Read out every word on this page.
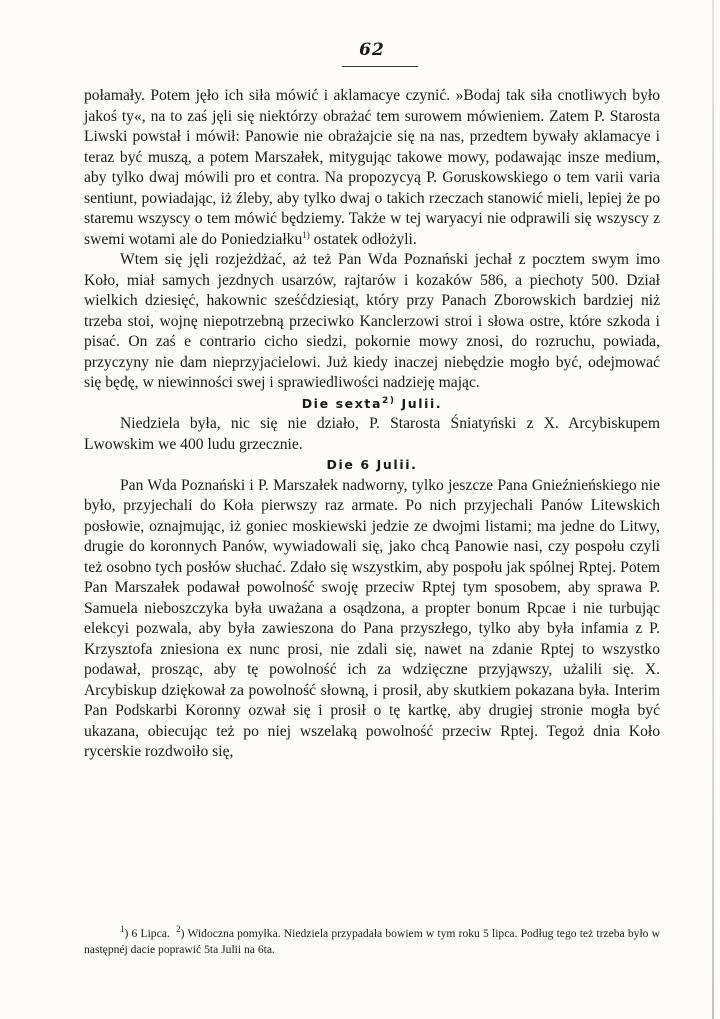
62

połamały. Potem jęło ich siła mówić i aklamacye czynić. »Bodaj tak siła cnotliwych było jakoś ty«, na to zaś jęli się niektórzy obrażać tem surowem mówieniem. Zatem P. Starosta Liwski powstał i mówił: Panowie nie obrażajcie się na nas, przedtem bywały aklamacye i teraz być muszą, a potem Marszałek, mitygując takowe mowy, podawając insze medium, aby tylko dwaj mówili pro et contra. Na propozycyą P. Goruskowskiego o tem varii varia sentiunt, powiadając, iż źleby, aby tylko dwaj o takich rzeczach stanowić mieli, lepiej że po staremu wszyscy o tem mówić będziemy. Także w tej waryacyi nie odprawili się wszyscy z swemi wotami ale do Poniedziałku$^{1)}$ ostatek odłożyli.

Wtem się jęli rozjeżdżać, aż też Pan Wda Poznański jechał z pocztem swym imo Koło, miał samych jezdnych usarzów, rajtarów i kozaków 586, a piechoty 500. Dział wielkich dziesięć, hakownic sześćdziesiąt, który przy Panach Zborowskich bardziej niż trzeba stoi, wojnę niepotrzebną przeciwko Kanclerzowi stroi i słowa ostre, które szkoda i pisać. On zaś e contrario cicho siedzi, pokornie mowy znosi, do rozruchu, powiada, przyczyny nie dam nieprzyjacielowi. Już kiedy inaczej niebędzie mogło być, odejmować się będę, w niewinności swej i sprawiedliwości nadzieję mając.

Die sexta$^{2)}$ Julii.

Niedziela była, nic się nie działo, P. Starosta Śniatyński z X. Arcybiskupem Lwowskim we 400 ludu grzecznie.

Die 6 Julii.

Pan Wda Poznański i P. Marszałek nadworny, tylko jeszcze Pana Gnieźnieńskiego nie było, przyjechali do Koła pierwszy raz armate. Po nich przyjechali Panów Litewskich posłowie, oznajmując, iż goniec moskiewski jedzie ze dwojmi listami; ma jedne do Litwy, drugie do koronnych Panów, wywiadowali się, jako chcą Panowie nasi, czy pospołu czyli też osobno tych posłów słuchać. Zdało się wszystkim, aby pospołu jak spólnej Rptej. Potem Pan Marszałek podawał powolność swoję przeciw Rptej tym sposobem, aby sprawa P. Samuela nieboszczyka była uważana a osądzona, a propter bonum Rpcae i nie turbując elekcyi pozwala, aby była zawieszona do Pana przyszłego, tylko aby była infamia z P. Krzysztofa zniesiona ex nunc prosi, nie zdali się, nawet na zdanie Rptej to wszystko podawał, prosząc, aby tę powolność ich za wdzięczne przyjąwszy, użalili się. X. Arcybiskup dziękował za powolność słowną, i prosił, aby skutkiem pokazana była. Interim Pan Podskarbi Koronny ozwał się i prosił o tę kartkę, aby drugiej stronie mogła być ukazana, obiecując też po niej wszelaką powolność przeciw Rptej. Tegoż dnia Koło rycerskie rozdwoiło się,

$^1$) 6 Lipca. $^2$) Widoczna pomyłka. Niedziela przypadała bowiem w tym roku 5 lipca. Podług tego też trzeba było w następnéj dacie poprawić 5ta Julii na 6ta.
